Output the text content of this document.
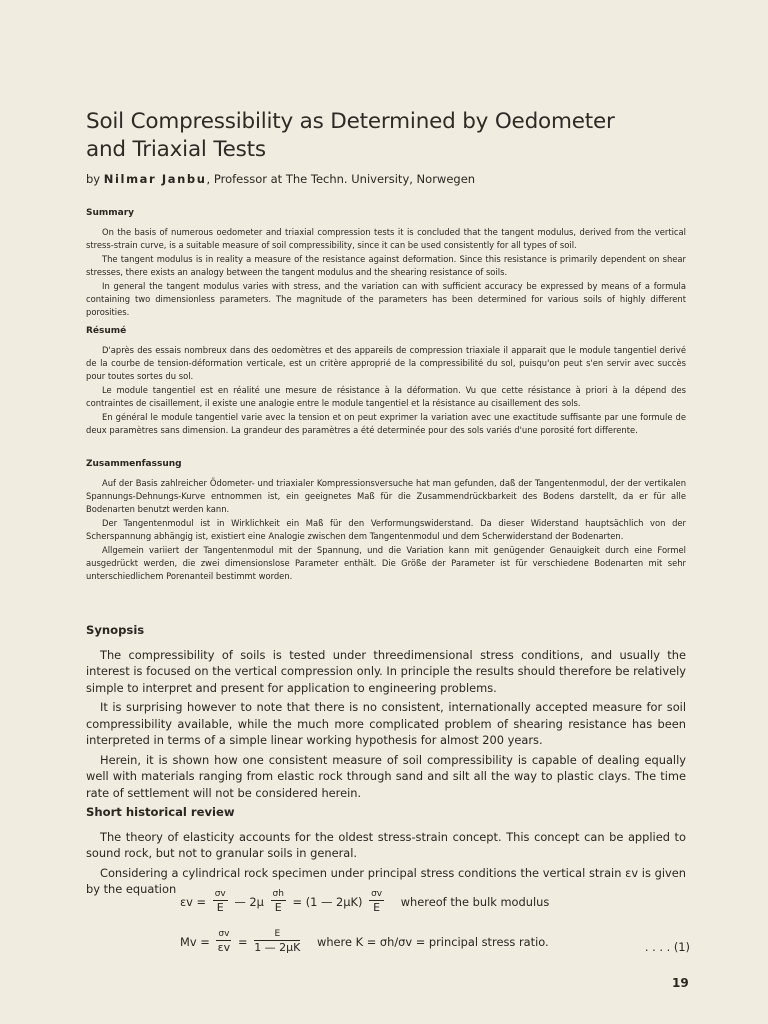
Soil Compressibility as Determined by Oedometer
and Triaxial Tests
by Nilmar Janbu, Professor at The Techn. University, Norwegen
Summary

On the basis of numerous oedometer and triaxial compression tests it is concluded that the tangent modulus, derived from the vertical stress-strain curve, is a suitable measure of soil compressibility, since it can be used consistently for all types of soil.

The tangent modulus is in reality a measure of the resistance against deformation. Since this resistance is primarily dependent on shear stresses, there exists an analogy between the tangent modulus and the shearing resistance of soils.

In general the tangent modulus varies with stress, and the variation can with sufficient accuracy be expressed by means of a formula containing two dimensionless parameters. The magnitude of the parameters has been determined for various soils of highly different porosities.

Résumé

D'après des essais nombreux dans des oedomètres et des appareils de compression triaxiale il apparait que le module tangentiel derivé de la courbe de tension-déformation verticale, est un critère approprié de la compressibilité du sol, puisqu'on peut s'en servir avec succès pour toutes sortes du sol.

Le module tangentiel est en réalité une mesure de résistance à la déformation. Vu que cette résistance à priori à la dépend des contraintes de cisaillement, il existe une analogie entre le module tangentiel et la résistance au cisaillement des sols.

En général le module tangentiel varie avec la tension et on peut exprimer la variation avec une exactitude suffisante par une formule de deux paramètres sans dimension. La grandeur des paramètres a été determinée pour des sols variés d'une porosité fort differente.

Zusammenfassung

Auf der Basis zahlreicher Ödometer- und triaxialer Kompressionsversuche hat man gefunden, daß der Tangentenmodul, der der vertikalen Spannungs-Dehnungs-Kurve entnommen ist, ein geeignetes Maß für die Zusammendrückbarkeit des Bodens darstellt, da er für alle Bodenarten benutzt werden kann.

Der Tangentenmodul ist in Wirklichkeit ein Maß für den Verformungswiderstand. Da dieser Widerstand hauptsächlich von der Scherspannung abhängig ist, existiert eine Analogie zwischen dem Tangentenmodul und dem Scherwiderstand der Bodenarten.

Allgemein variiert der Tangentenmodul mit der Spannung, und die Variation kann mit genügender Genauigkeit durch eine Formel ausgedrückt werden, die zwei dimensionslose Parameter enthält. Die Größe der Parameter ist für verschiedene Bodenarten mit sehr unterschiedlichem Porenanteil bestimmt worden.

Synopsis

The compressibility of soils is tested under threedimensional stress conditions, and usually the interest is focused on the vertical compression only. In principle the results should therefore be relatively simple to interpret and present for application to engineering problems.

It is surprising however to note that there is no consistent, internationally accepted measure for soil compressibility available, while the much more complicated problem of shearing resistance has been interpreted in terms of a simple linear working hypothesis for almost 200 years.

Herein, it is shown how one consistent measure of soil compressibility is capable of dealing equally well with materials ranging from elastic rock through sand and silt all the way to plastic clays. The time rate of settlement will not be considered herein.

Short historical review

The theory of elasticity accounts for the oldest stress-strain concept. This concept can be applied to sound rock, but not to granular soils in general.

Considering a cylindrical rock specimen under principal stress conditions the vertical strain εv is given by the equation

$\varepsilon v = \frac{\sigma v}{E}$ — $2\mu \frac{\sigma h}{E} = (1$ — $2\mu K) \frac{\sigma v}{E}$ whereof the bulk modulus
$Mv = \frac{\sigma v}{\varepsilon v} = \frac{E}{1 — 2\mu K}$ where K = σh/σv = principal stress ratio.	. . . . (1)
19
